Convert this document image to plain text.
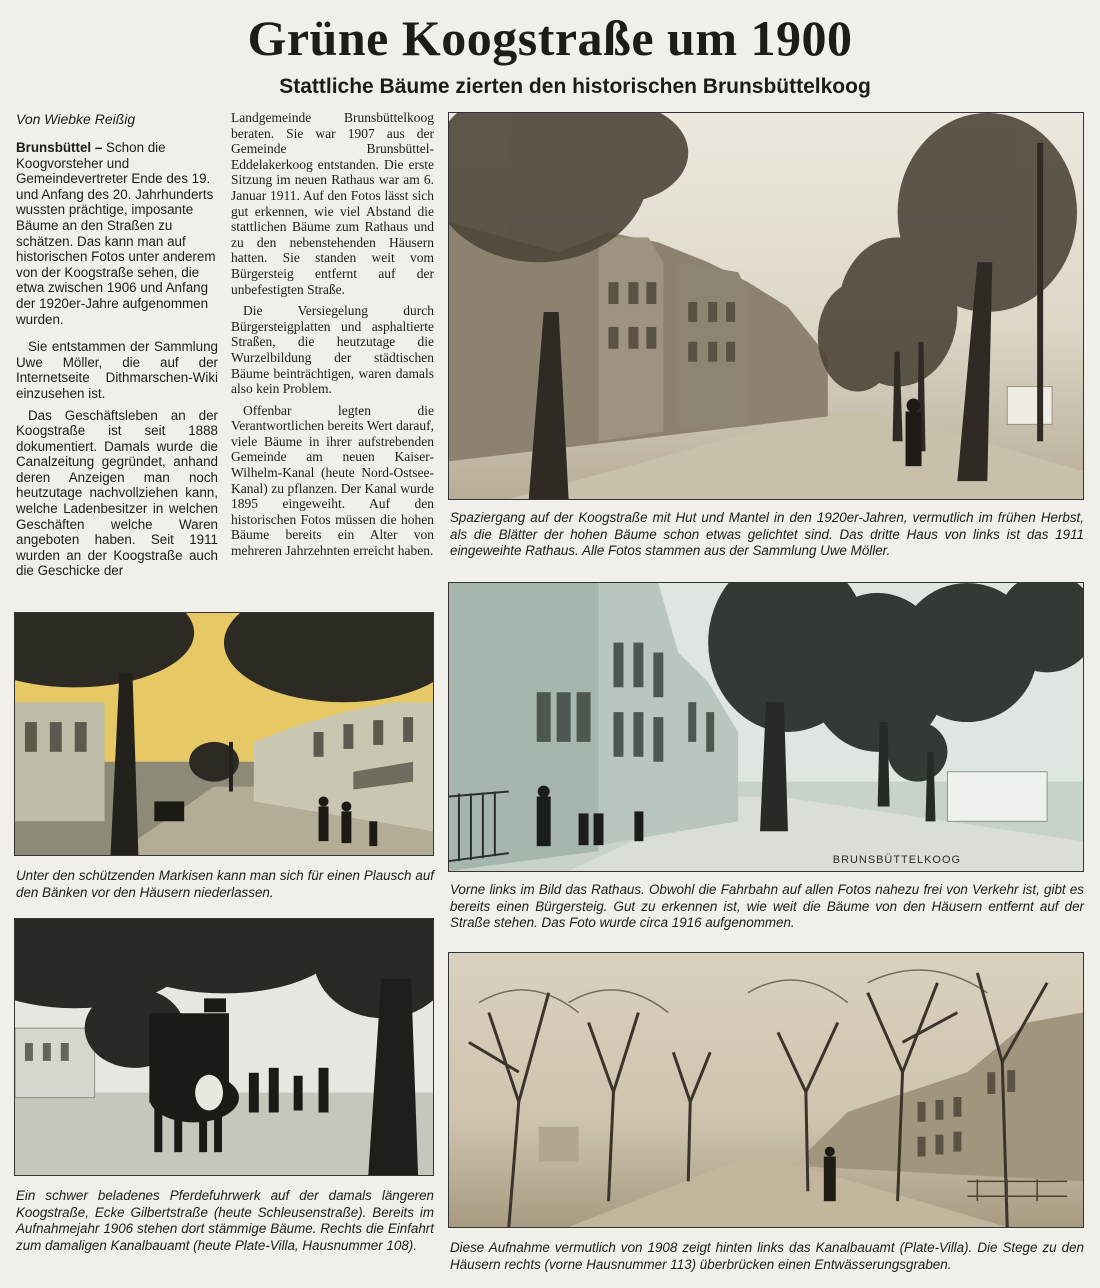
Grüne Koogstraße um 1900
Stattliche Bäume zierten den historischen Brunsbüttelkoog
Von Wiebke Reißig

Brunsbüttel – Schon die Koogvorsteher und Gemeindevertreter Ende des 19. und Anfang des 20. Jahrhunderts wussten prächtige, imposante Bäume an den Straßen zu schätzen. Das kann man auf historischen Fotos unter anderem von der Koogstraße sehen, die etwa zwischen 1906 und Anfang der 1920er-Jahre aufgenommen wurden.

Sie entstammen der Sammlung Uwe Möller, die auf der Internetseite Dithmarschen-Wiki einzusehen ist.

Das Geschäftsleben an der Koogstraße ist seit 1888 dokumentiert. Damals wurde die Canalzeitung gegründet, anhand deren Anzeigen man noch heutzutage nachvollziehen kann, welche Ladenbesitzer in welchen Geschäften welche Waren angeboten haben. Seit 1911 wurden an der Koogstraße auch die Geschicke der

Landgemeinde Brunsbüttelkoog beraten. Sie war 1907 aus der Gemeinde Brunsbüttel-Eddelakerkoog entstanden. Die erste Sitzung im neuen Rathaus war am 6. Januar 1911. Auf den Fotos lässt sich gut erkennen, wie viel Abstand die stattlichen Bäume zum Rathaus und zu den nebenstehenden Häusern hatten. Sie standen weit vom Bürgersteig entfernt auf der unbefestigten Straße.

Die Versiegelung durch Bürgersteigplatten und asphaltierte Straßen, die heutzutage die Wurzelbildung der städtischen Bäume beinträchtigen, waren damals also kein Problem.

Offenbar legten die Verantwortlichen bereits Wert darauf, viele Bäume in ihrer aufstrebenden Gemeinde am neuen Kaiser-Wilhelm-Kanal (heute Nord-Ostsee-Kanal) zu pflanzen. Der Kanal wurde 1895 eingeweiht. Auf den historischen Fotos müssen die hohen Bäume bereits ein Alter von mehreren Jahrzehnten erreicht haben.

Spaziergang auf der Koogstraße mit Hut und Mantel in den 1920er-Jahren, vermutlich im frühen Herbst, als die Blätter der hohen Bäume schon etwas gelichtet sind. Das dritte Haus von links ist das 1911 eingeweihte Rathaus. Alle Fotos stammen aus der Sammlung Uwe Möller.

Unter den schützenden Markisen kann man sich für einen Plausch auf den Bänken vor den Häusern niederlassen.

BRUNSBÜTTELKOOG

Vorne links im Bild das Rathaus. Obwohl die Fahrbahn auf allen Fotos nahezu frei von Verkehr ist, gibt es bereits einen Bürgersteig. Gut zu erkennen ist, wie weit die Bäume von den Häusern entfernt auf der Straße stehen. Das Foto wurde circa 1916 aufgenommen.

Ein schwer beladenes Pferdefuhrwerk auf der damals längeren Koogstraße, Ecke Gilbertstraße (heute Schleusenstraße). Bereits im Aufnahmejahr 1906 stehen dort stämmige Bäume. Rechts die Einfahrt zum damaligen Kanalbauamt (heute Plate-Villa, Hausnummer 108).	Diese Aufnahme vermutlich von 1908 zeigt hinten links das Kanalbauamt (Plate-Villa). Die Stege zu den Häusern rechts (vorne Hausnummer 113) überbrücken einen Entwässerungsgraben.
